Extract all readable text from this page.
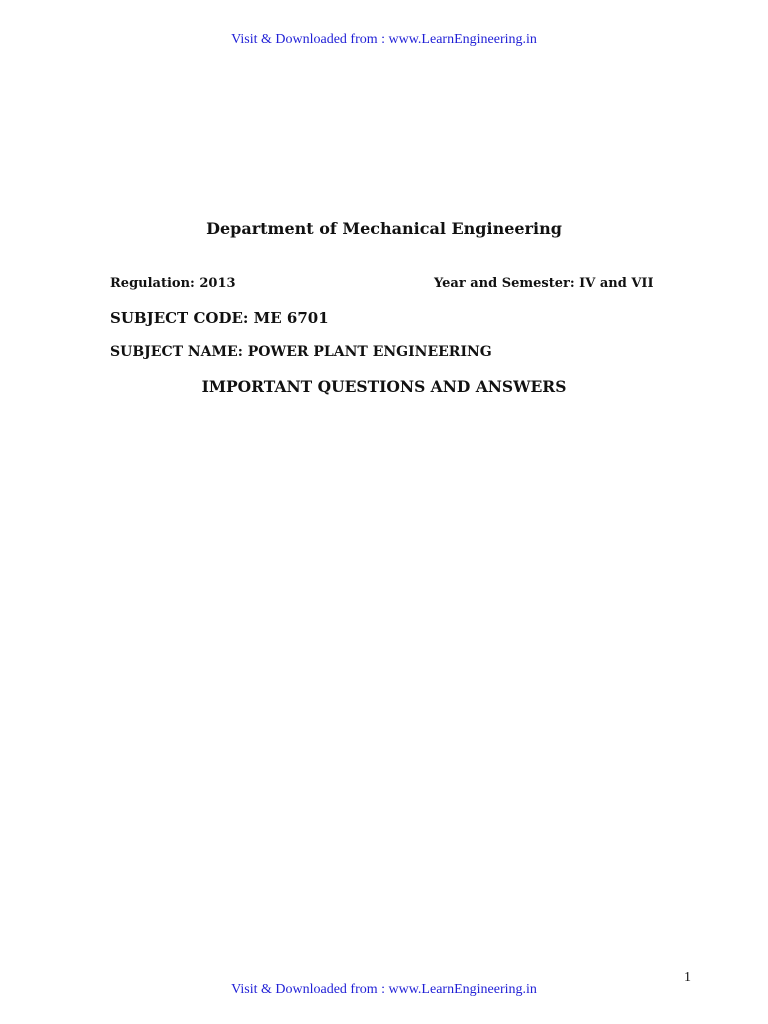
Visit & Downloaded from : www.LearnEngineering.in
Department of Mechanical Engineering
Regulation: 2013	Year and Semester: IV and VII
SUBJECT CODE: ME 6701
SUBJECT NAME: POWER PLANT ENGINEERING
IMPORTANT QUESTIONS AND ANSWERS
1
Visit & Downloaded from : www.LearnEngineering.in
